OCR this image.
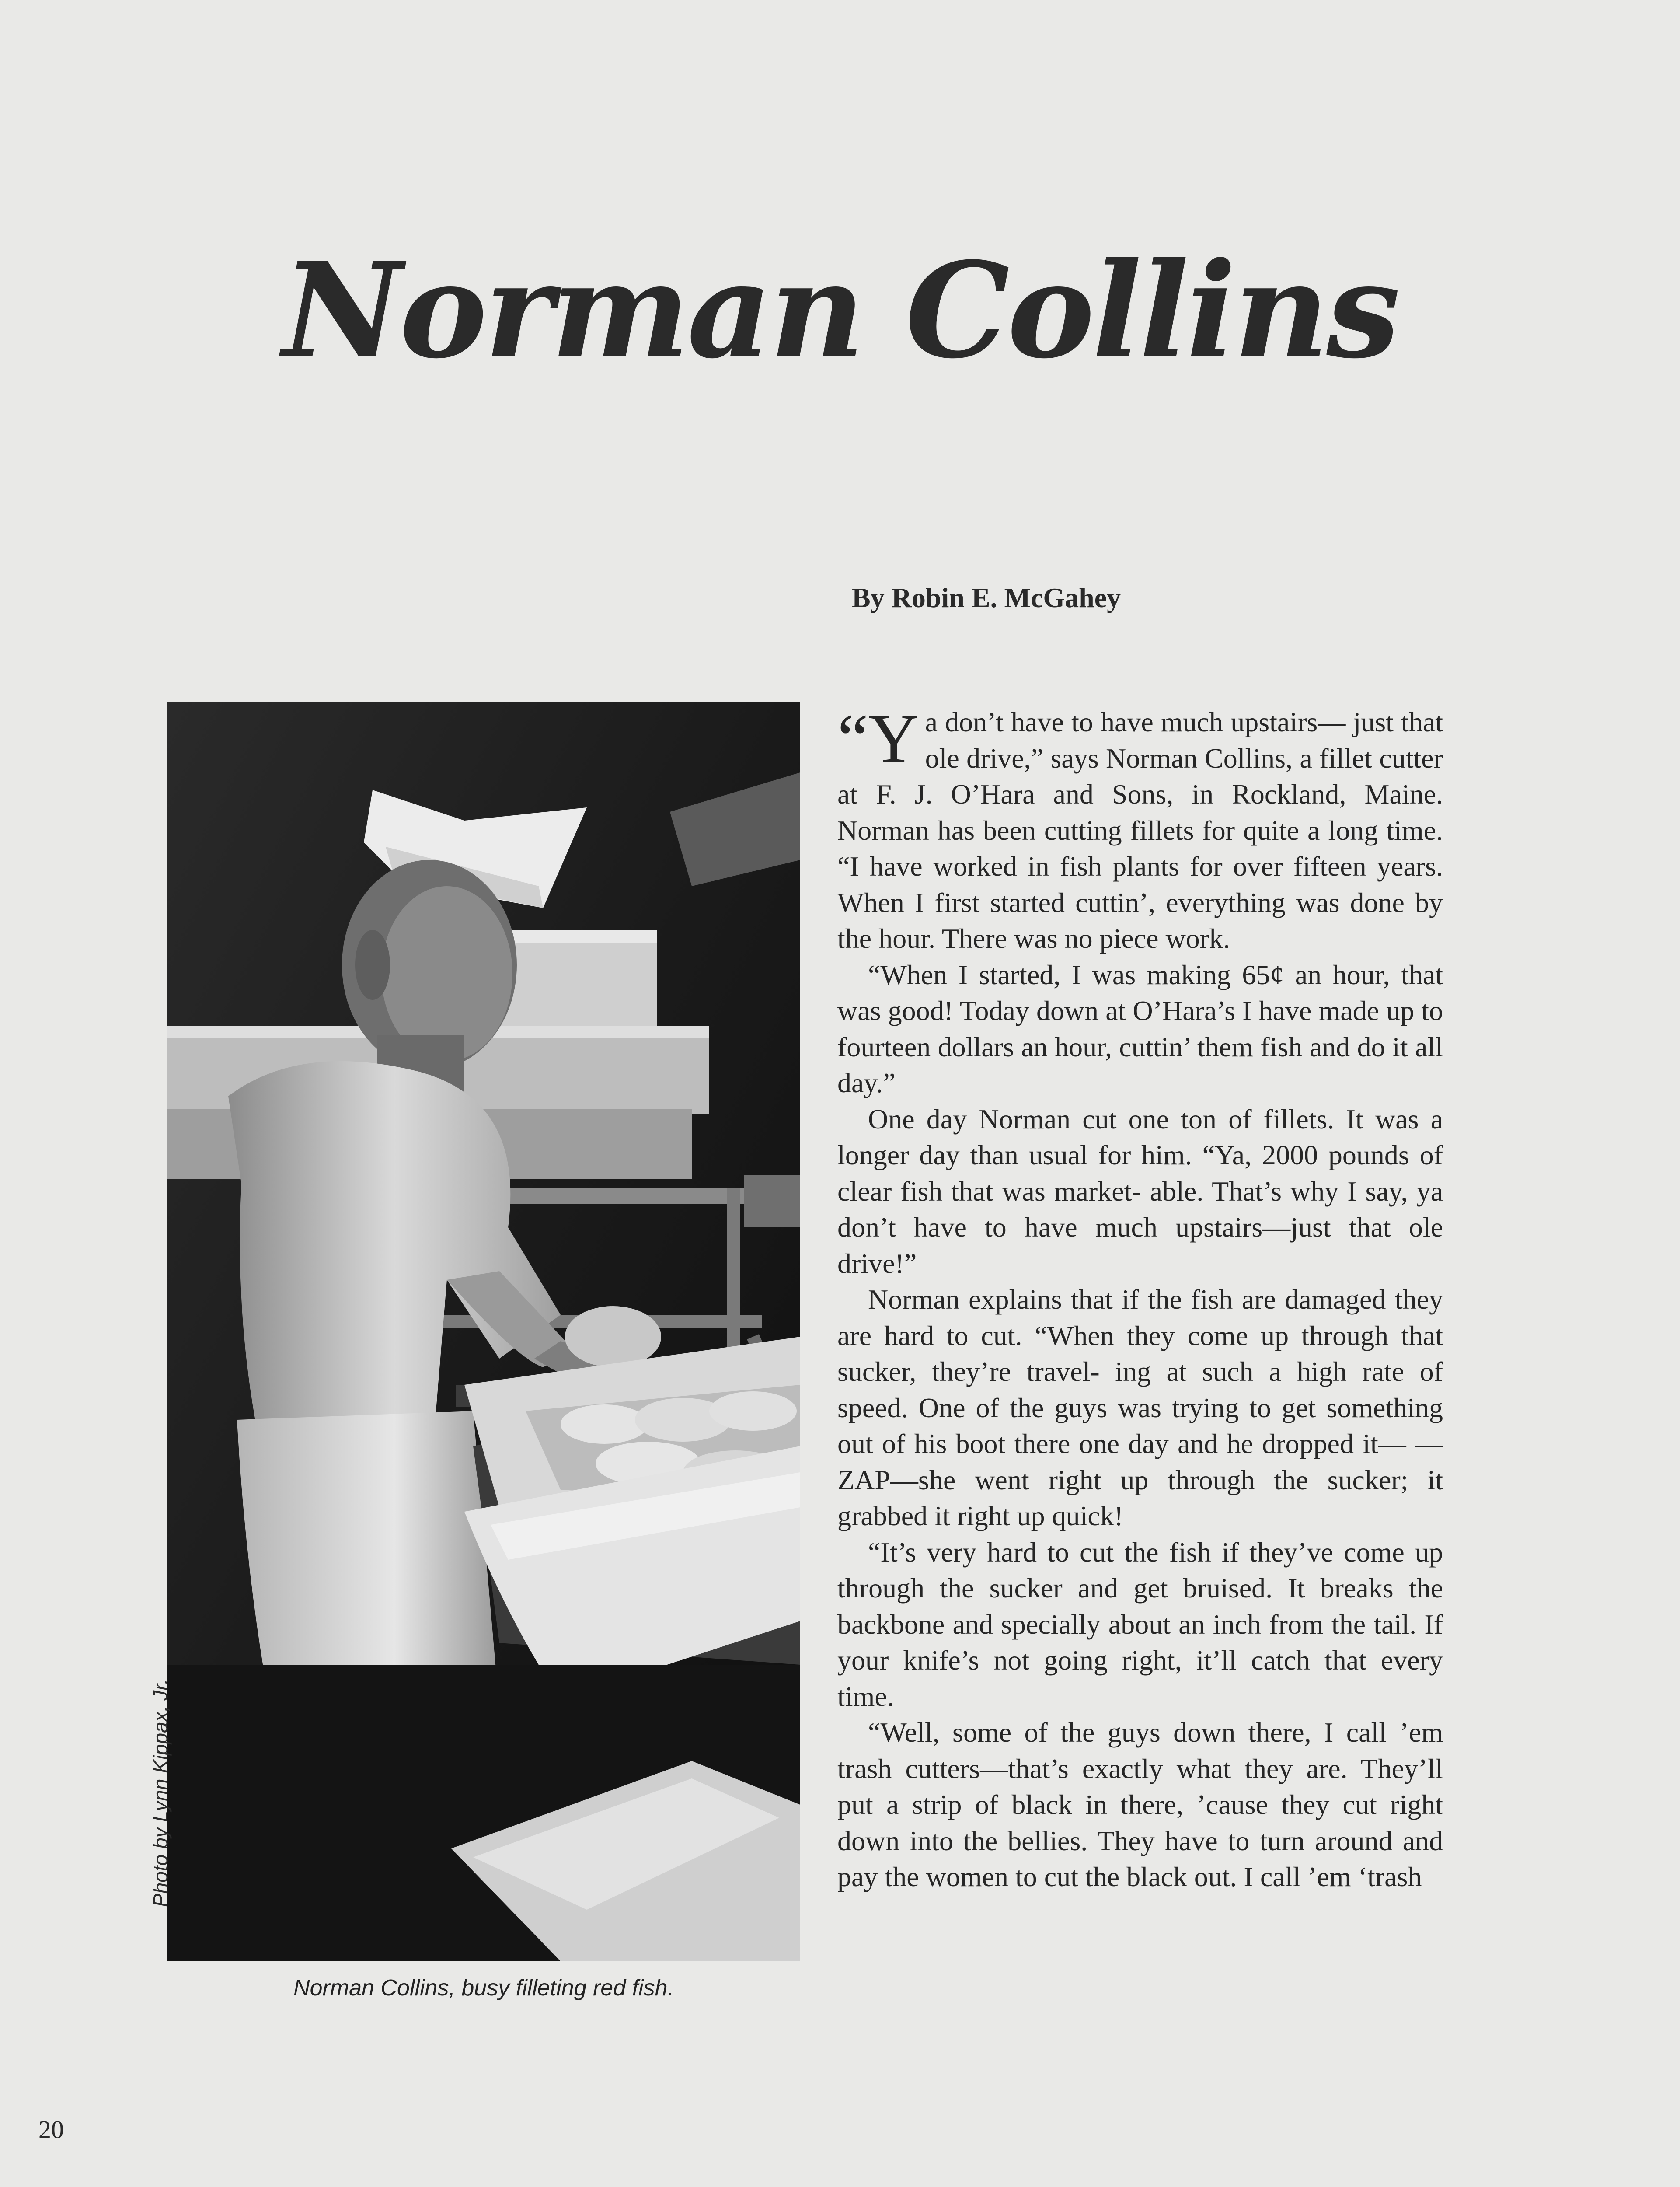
Norman Collins
By Robin E. McGahey
Photo by Lynn Kippax, Jr.
Norman Collins, busy filleting red fish.

“Y a don’t have to have much upstairs— just that ole drive,” says Norman Collins, a fillet cutter at F. J. O’Hara and Sons, in Rockland, Maine. Norman has been cutting fillets for quite a long time. “I have worked in fish plants for over fifteen years. When I first started cuttin’, everything was done by the hour. There was no piece work.

“When I started, I was making 65¢ an hour, that was good! Today down at O’Hara’s I have made up to fourteen dollars an hour, cuttin’ them fish and do it all day.”

One day Norman cut one ton of fillets. It was a longer day than usual for him. “Ya, 2000 pounds of clear fish that was market- able. That’s why I say, ya don’t have to have much upstairs—just that ole drive!”

Norman explains that if the fish are damaged they are hard to cut. “When they come up through that sucker, they’re travel- ing at such a high rate of speed. One of the guys was trying to get something out of his boot there one day and he dropped it— —ZAP—she went right up through the sucker; it grabbed it right up quick!

“It’s very hard to cut the fish if they’ve come up through the sucker and get bruised. It breaks the backbone and specially about an inch from the tail. If your knife’s not going right, it’ll catch that every time.

“Well, some of the guys down there, I call ’em trash cutters—that’s exactly what they are. They’ll put a strip of black in there, ’cause they cut right down into the bellies. They have to turn around and pay the women to cut the black out. I call ’em ‘trash

20
